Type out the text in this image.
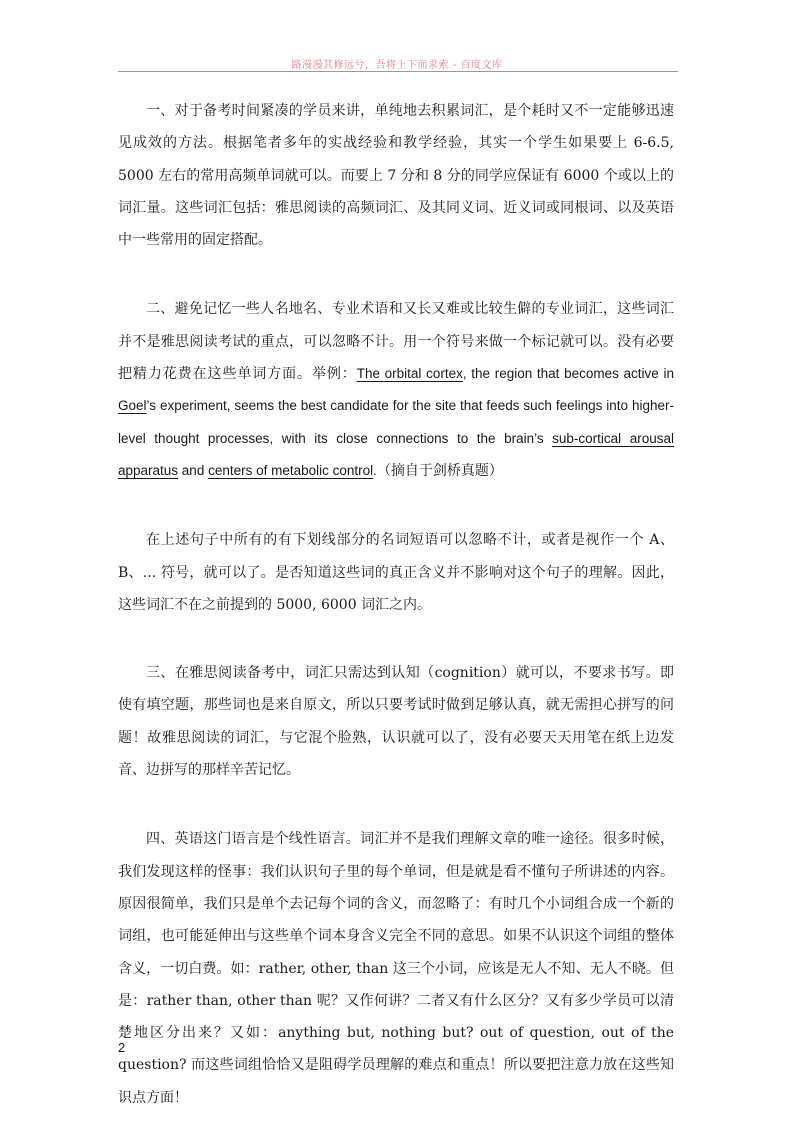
路漫漫其修远兮，吾将上下而求索 - 百度文库

一、对于备考时间紧凑的学员来讲，单纯地去积累词汇，是个耗时又不一定能够迅速见成效的方法。根据笔者多年的实战经验和教学经验，其实一个学生如果要上 6-6.5, 5000 左右的常用高频单词就可以。而要上 7 分和 8 分的同学应保证有 6000 个或以上的词汇量。这些词汇包括：雅思阅读的高频词汇、及其同义词、近义词或同根词、以及英语中一些常用的固定搭配。

二、避免记忆一些人名地名、专业术语和又长又难或比较生僻的专业词汇，这些词汇并不是雅思阅读考试的重点，可以忽略不计。用一个符号来做一个标记就可以。没有必要把精力花费在这些单词方面。举例：The orbital cortex, the region that becomes active in Goel’s experiment, seems the best candidate for the site that feeds such feelings into higher-level thought processes, with its close connections to the brain’s sub-cortical arousal apparatus and centers of metabolic control.（摘自于剑桥真题）

在上述句子中所有的有下划线部分的名词短语可以忽略不计，或者是视作一个 A、B、... 符号，就可以了。是否知道这些词的真正含义并不影响对这个句子的理解。因此，这些词汇不在之前提到的 5000, 6000 词汇之内。

三、在雅思阅读备考中，词汇只需达到认知（cognition）就可以，不要求书写。即使有填空题，那些词也是来自原文，所以只要考试时做到足够认真，就无需担心拼写的问题！故雅思阅读的词汇，与它混个脸熟，认识就可以了，没有必要天天用笔在纸上边发音、边拼写的那样辛苦记忆。

四、英语这门语言是个线性语言。词汇并不是我们理解文章的唯一途径。很多时候，我们发现这样的怪事：我们认识句子里的每个单词，但是就是看不懂句子所讲述的内容。原因很简单，我们只是单个去记每个词的含义，而忽略了：有时几个小词组合成一个新的词组，也可能延伸出与这些单个词本身含义完全不同的意思。如果不认识这个词组的整体含义，一切白费。如：rather, other, than 这三个小词，应该是无人不知、无人不晓。但是：rather than, other than 呢？又作何讲？二者又有什么区分？又有多少学员可以清楚地区分出来？又如：anything but, nothing but? out of question, out of the question? 而这些词组恰恰又是阻碍学员理解的难点和重点！所以要把注意力放在这些知识点方面！

2
